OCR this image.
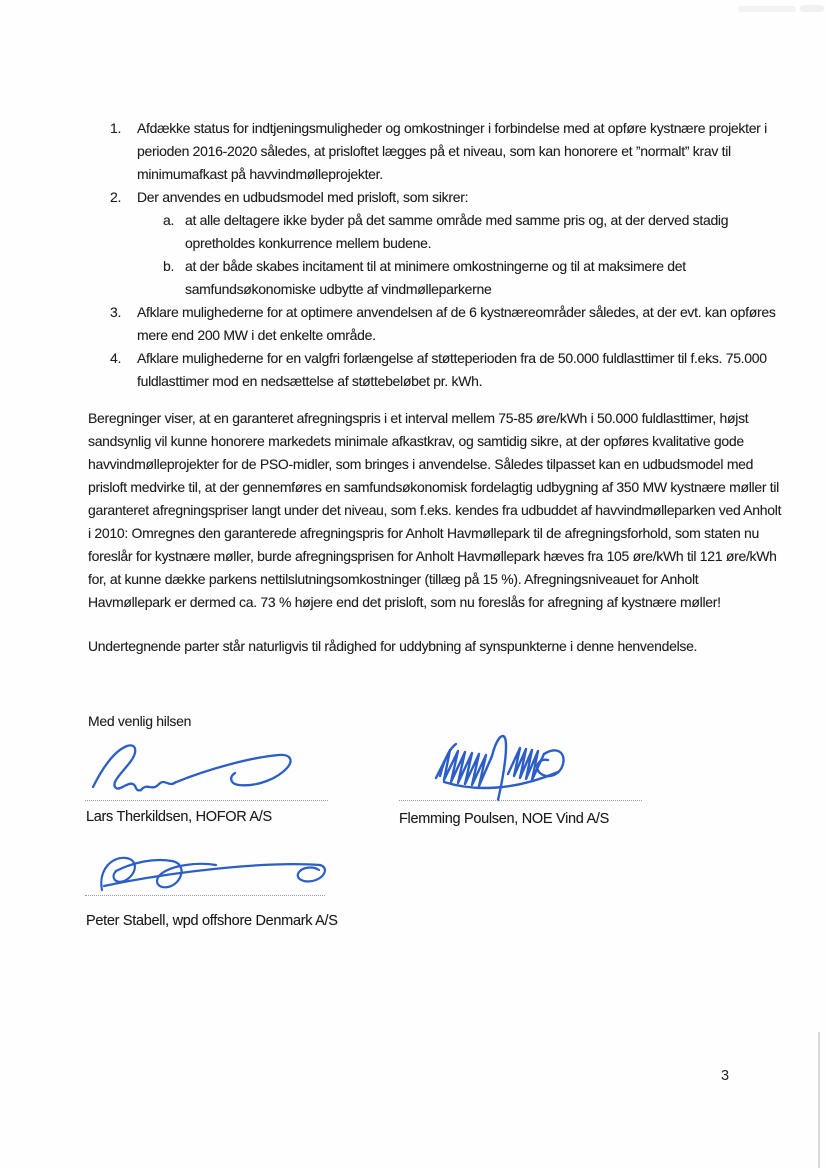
1.	Afdække status for indtjeningsmuligheder og omkostninger i forbindelse med at opføre kystnære projekter i perioden 2016-2020 således, at prisloftet lægges på et niveau, som kan honorere et ”normalt” krav til minimumafkast på havvindmølleprojekter.
2.	Der anvendes en udbudsmodel med prisloft, som sikrer:
a. at alle deltagere ikke byder på det samme område med samme pris og, at der derved stadig opretholdes konkurrence mellem budene.
b. at der både skabes incitament til at minimere omkostningerne og til at maksimere det samfundsøkonomiske udbytte af vindmølleparkerne
3.	Afklare mulighederne for at optimere anvendelsen af de 6 kystnæreområder således, at der evt. kan opføres mere end 200 MW i det enkelte område.
4.	Afklare mulighederne for en valgfri forlængelse af støtteperioden fra de 50.000 fuldlasttimer til f.eks. 75.000 fuldlasttimer mod en nedsættelse af støttebeløbet pr. kWh.

Beregninger viser, at en garanteret afregningspris i et interval mellem 75-85 øre/kWh i 50.000 fuldlasttimer, højst sandsynlig vil kunne honorere markedets minimale afkastkrav, og samtidig sikre, at der opføres kvalitative gode havvindmølleprojekter for de PSO-midler, som bringes i anvendelse. Således tilpasset kan en udbudsmodel med prisloft medvirke til, at der gennemføres en samfundsøkonomisk fordelagtig udbygning af 350 MW kystnære møller til garanteret afregningspriser langt under det niveau, som f.eks. kendes fra udbuddet af havvindmølleparken ved Anholt i 2010: Omregnes den garanterede afregningspris for Anholt Havmøllepark til de afregningsforhold, som staten nu foreslår for kystnære møller, burde afregningsprisen for Anholt Havmøllepark hæves fra 105 øre/kWh til 121 øre/kWh for, at kunne dække parkens nettilslutningsomkostninger (tillæg på 15 %). Afregningsniveauet for Anholt Havmøllepark er dermed ca. 73 % højere end det prisloft, som nu foreslås for afregning af kystnære møller!

Undertegnende parter står naturligvis til rådighed for uddybning af synspunkterne i denne henvendelse.

Med venlig hilsen

Lars Therkildsen, HOFOR A/S	Flemming Poulsen, NOE Vind A/S
Peter Stabell, wpd offshore Denmark A/S
3
